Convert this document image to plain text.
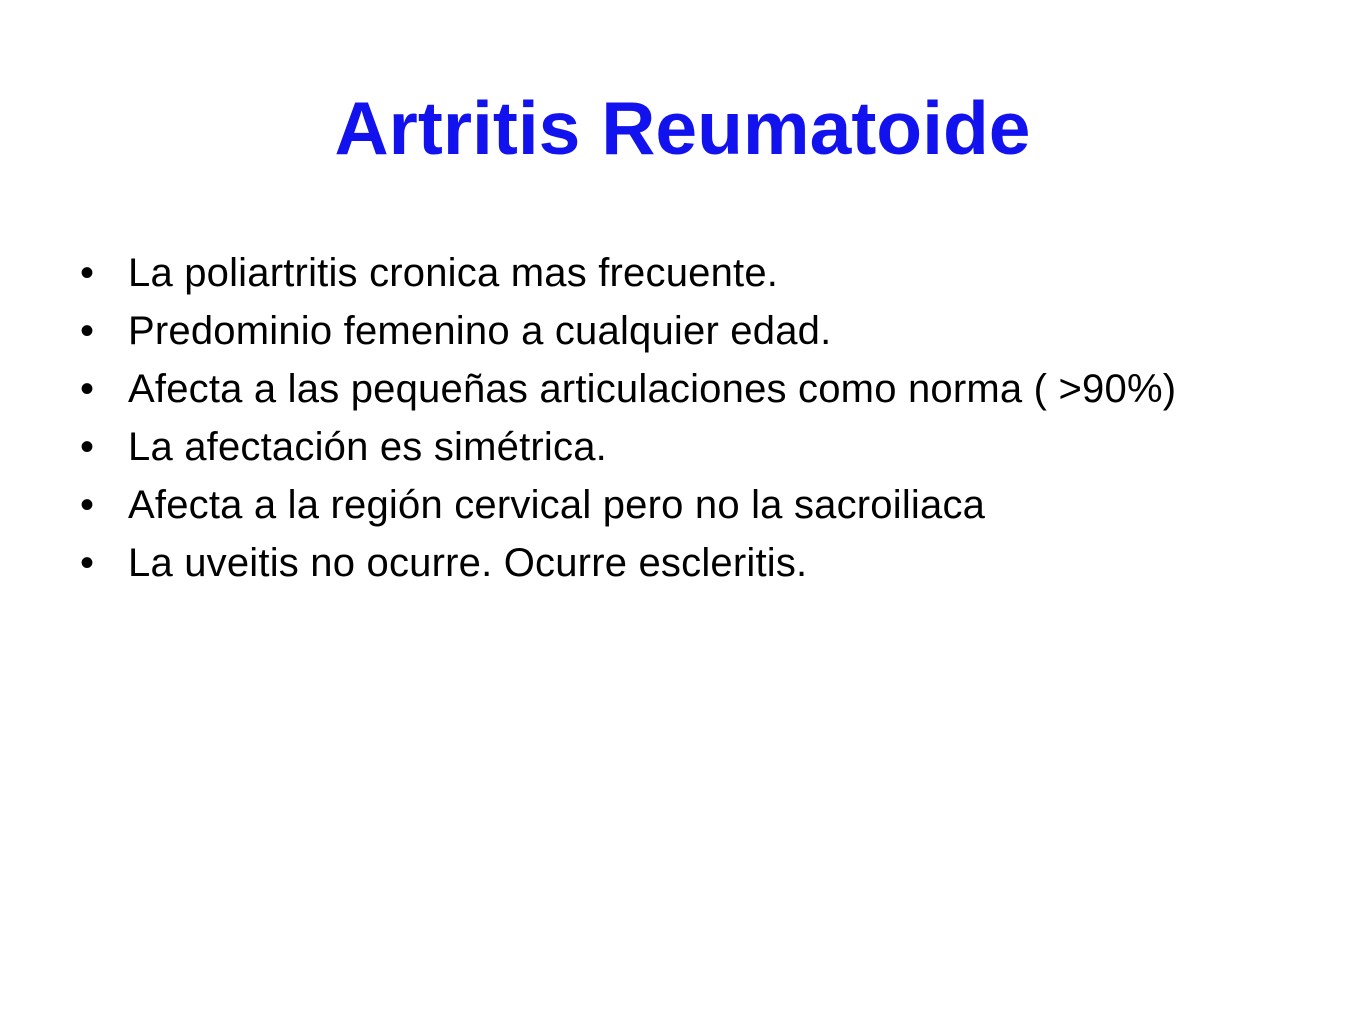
Artritis Reumatoide
• La poliartritis cronica mas frecuente.
• Predominio femenino a cualquier edad.
• Afecta a las pequeñas articulaciones como norma ( >90%)
• La afectación es simétrica.
• Afecta a la región cervical pero no la sacroiliaca
• La uveitis no ocurre. Ocurre escleritis.
